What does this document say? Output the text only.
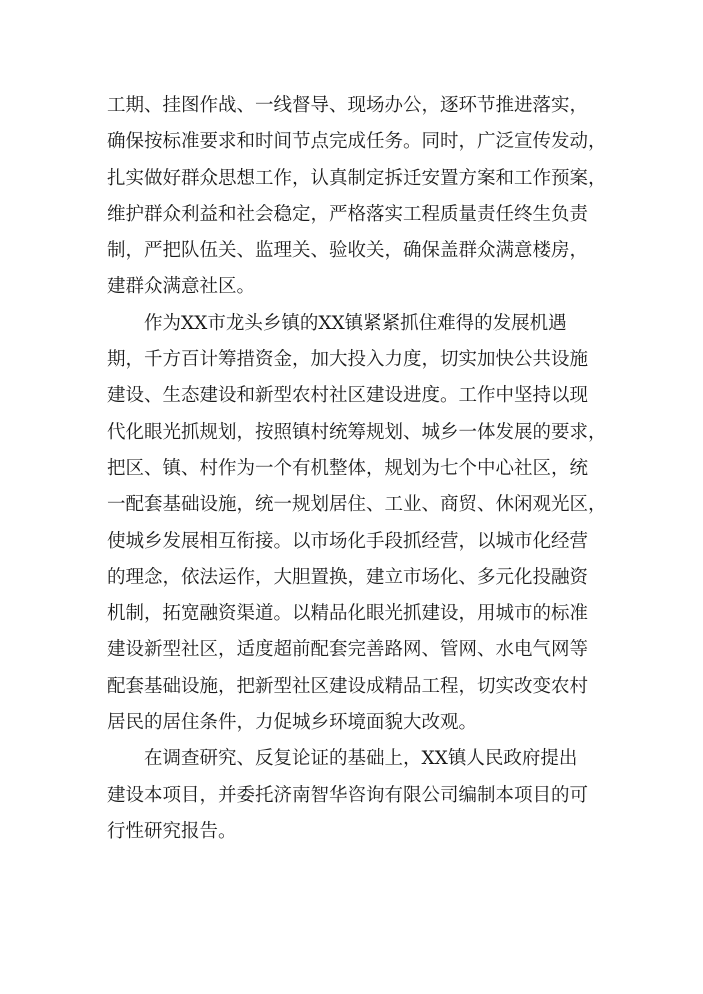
工期、挂图作战、一线督导、现场办公，逐环节推进落实，
确保按标准要求和时间节点完成任务。同时，广泛宣传发动，
扎实做好群众思想工作，认真制定拆迁安置方案和工作预案，
维护群众利益和社会稳定，严格落实工程质量责任终生负责
制，严把队伍关、监理关、验收关，确保盖群众满意楼房，
建群众满意社区。
作为XX市龙头乡镇的XX镇紧紧抓住难得的发展机遇
期，千方百计筹措资金，加大投入力度，切实加快公共设施
建设、生态建设和新型农村社区建设进度。工作中坚持以现
代化眼光抓规划，按照镇村统筹规划、城乡一体发展的要求，
把区、镇、村作为一个有机整体，规划为七个中心社区，统
一配套基础设施，统一规划居住、工业、商贸、休闲观光区，
使城乡发展相互衔接。以市场化手段抓经营，以城市化经营
的理念，依法运作，大胆置换，建立市场化、多元化投融资
机制，拓宽融资渠道。以精品化眼光抓建设，用城市的标准
建设新型社区，适度超前配套完善路网、管网、水电气网等
配套基础设施，把新型社区建设成精品工程，切实改变农村
居民的居住条件，力促城乡环境面貌大改观。
在调查研究、反复论证的基础上，XX镇人民政府提出
建设本项目，并委托济南智华咨询有限公司编制本项目的可
行性研究报告。
